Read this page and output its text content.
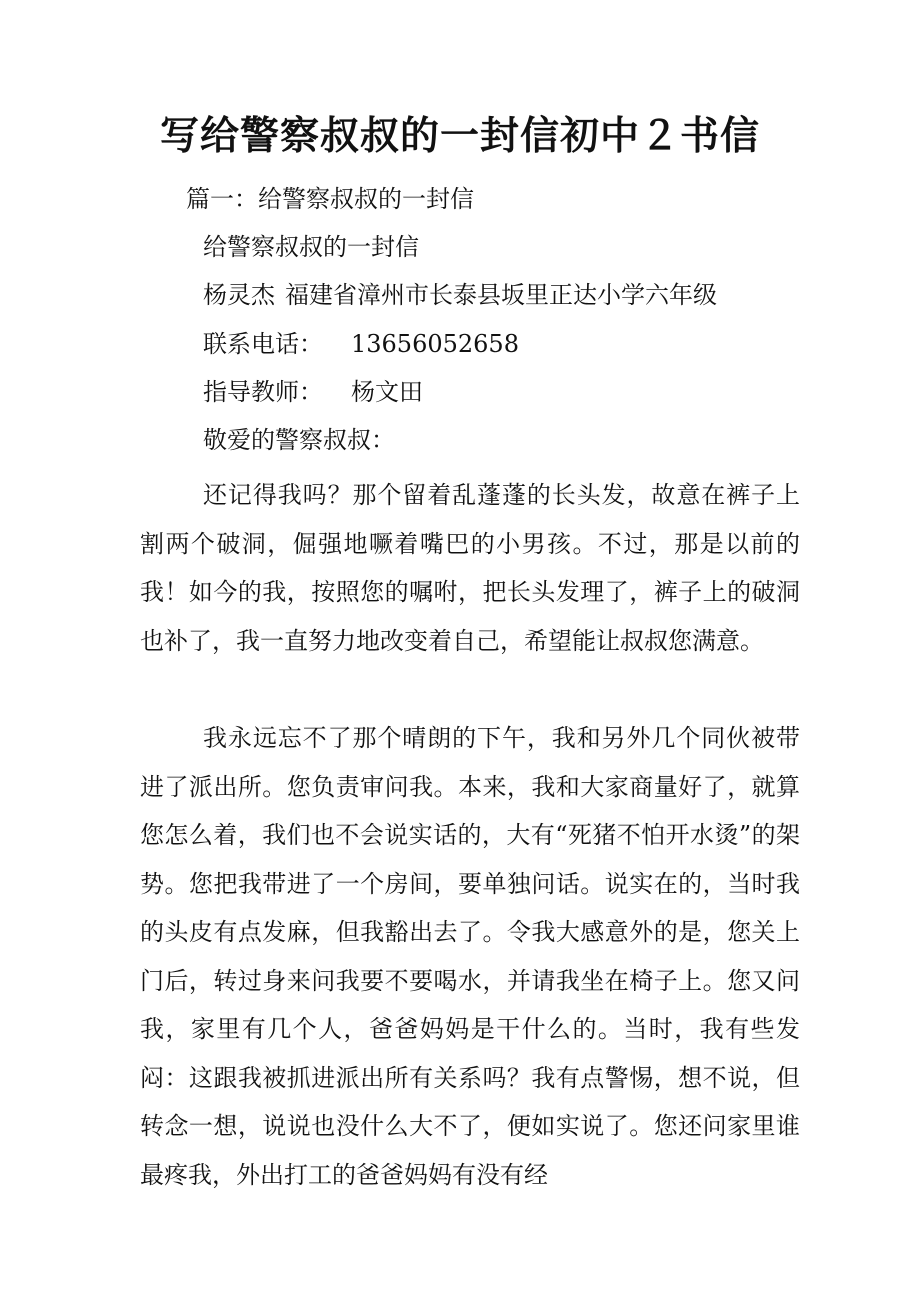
写给警察叔叔的一封信初中２书信

篇一：给警察叔叔的一封信

给警察叔叔的一封信

杨灵杰 福建省漳州市长泰县坂里正达小学六年级

联系电话： 13656052658

指导教师： 杨文田

敬爱的警察叔叔：

还记得我吗？那个留着乱蓬蓬的长头发，故意在裤子上割两个破洞，倔强地噘着嘴巴的小男孩。不过，那是以前的我！如今的我，按照您的嘱咐，把长头发理了，裤子上的破洞也补了，我一直努力地改变着自己，希望能让叔叔您满意。

我永远忘不了那个晴朗的下午，我和另外几个同伙被带进了派出所。您负责审问我。本来，我和大家商量好了，就算您怎么着，我们也不会说实话的，大有“死猪不怕开水烫”的架势。您把我带进了一个房间，要单独问话。说实在的，当时我的头皮有点发麻，但我豁出去了。令我大感意外的是，您关上门后，转过身来问我要不要喝水，并请我坐在椅子上。您又问我，家里有几个人，爸爸妈妈是干什么的。当时，我有些发闷：这跟我被抓进派出所有关系吗？我有点警惕，想不说，但转念一想，说说也没什么大不了，便如实说了。您还问家里谁最疼我，外出打工的爸爸妈妈有没有经
